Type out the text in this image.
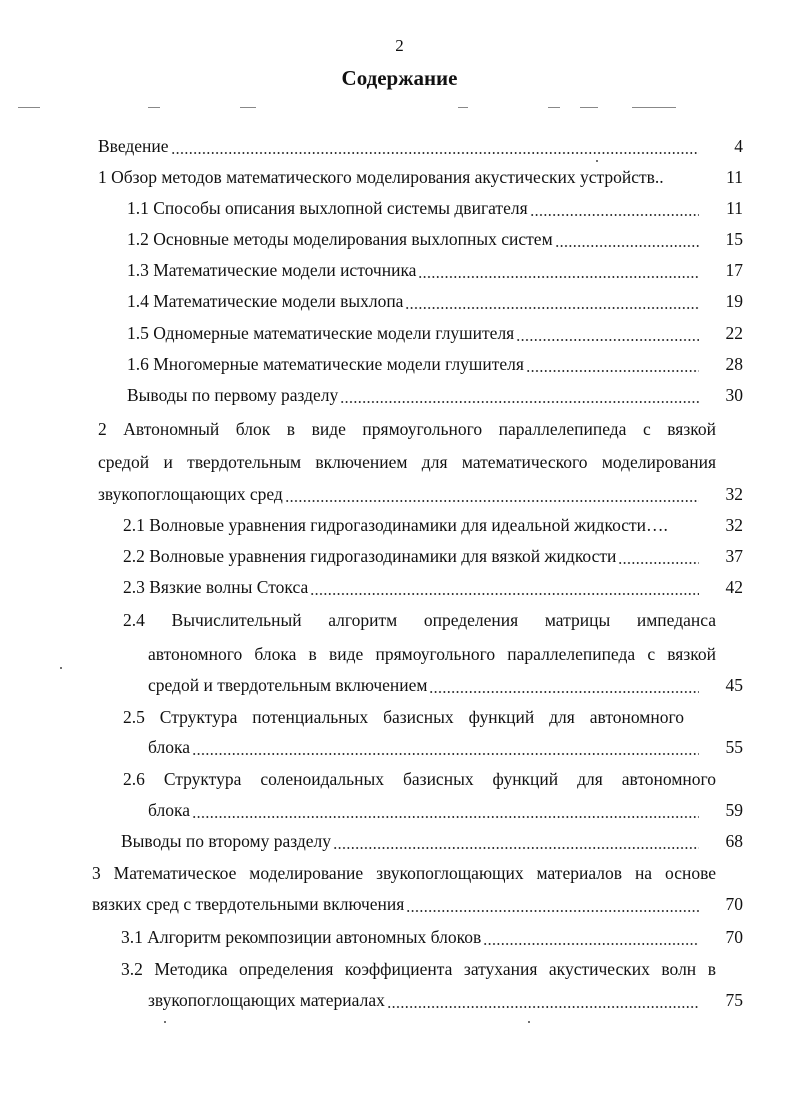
2
Содержание
Введение	4
1 Обзор методов математического моделирования акустических устройств..	11
1.1 Способы описания выхлопной системы двигателя	11
1.2 Основные методы моделирования выхлопных систем	15
1.3 Математические модели источника	17
1.4 Математические модели выхлопа	19
1.5 Одномерные математические модели глушителя	22
1.6 Многомерные математические модели глушителя	28
Выводы по первому разделу	30
2 Автономный блок в виде прямоугольного параллелепипеда с вязкой
средой и твердотельным включением для математического моделирования
звукопоглощающих сред	32
2.1 Волновые уравнения гидрогазодинамики для идеальной жидкости….	32
2.2 Волновые уравнения гидрогазодинамики для вязкой жидкости	37
2.3 Вязкие волны Стокса	42
2.4 Вычислительный алгоритм определения матрицы импеданса
автономного блока в виде прямоугольного параллелепипеда с вязкой
средой и твердотельным включением	45
2.5 Структура потенциальных базисных функций для автономного
блока	55
2.6 Структура соленоидальных базисных функций для автономного
блока	59
Выводы по второму разделу	68
3 Математическое моделирование звукопоглощающих материалов на основе
вязких сред с твердотельными включения	70
3.1 Алгоритм рекомпозиции автономных блоков	70
3.2 Методика определения коэффициента затухания акустических волн в
звукопоглощающих материалах	75
